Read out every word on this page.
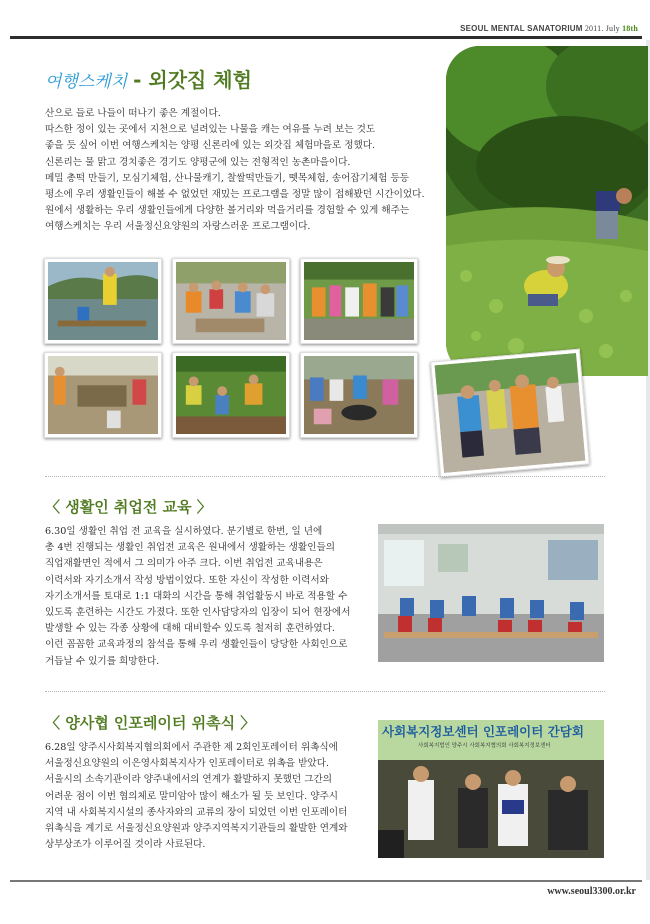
SEOUL MENTAL SANATORIUM 2011. July 18th
여행스케치 - 외갓집 체험

산으로 들로 나들이 떠나기 좋은 계절이다.

따스한 정이 있는 곳에서 지천으로 널려있는 나물을 캐는 여유를 누려 보는 것도

좋을 듯 싶어 이번 여행스케치는 양평 신론리에 있는 외갓집 체험마을로 정했다.

신론리는 물 맑고 경치좋은 경기도 양평군에 있는 전형적인 농촌마을이다.

메밀 총떡 만들기, 모심기체험, 산나물캐기, 찰쌀떡만들기, 뗏목체험, 송어잡기체험 등등

평소에 우리 생활인들이 해볼 수 없었던 재밌는 프로그램을 정말 많이 접해봤던 시간이었다.

원에서 생활하는 우리 생활인들에게 다양한 볼거리와 먹을거리를 경험할 수 있게 해주는

여행스케치는 우리 서울정신요양원의 자랑스러운 프로그램이다.

〈 생활인 취업전 교육 〉

6.30일 생활인 취업 전 교육을 실시하였다. 분기별로 한번, 일 년에

총 4번 진행되는 생활인 취업전 교육은 원내에서 생활하는 생활인들의

직업재활면인 적에서 그 의미가 아주 크다. 이번 취업전 교육내용은

이력서와 자기소개서 작성 방법이었다. 또한 자신이 작성한 이력서와

자기소개서를 토대로 1:1 대화의 시간을 통해 취업활동시 바로 적용할 수

있도록 훈련하는 시간도 가졌다. 또한 인사담당자의 입장이 되어 현장에서

발생할 수 있는 각종 상황에 대해 대비할수 있도록 철저히 훈련하였다.

이런 꼼꼼한 교육과정의 참석을 통해 우리 생활인들이 당당한 사회인으로

거듭날 수 있기를 희망한다.

〈 양사협 인포레이터 위촉식 〉

6.28일 양주시사회복지협의회에서 주관한 제 2회인포레이터 위촉식에

서울정신요양원의 이은영사회복지사가 인포레이터로 위촉을 받았다.

서울시의 소속기관이라 양주내에서의 연계가 활발하지 못했던 그간의

어려운 점이 이번 협의체로 말미암아 많이 해소가 될 듯 보인다. 양주시

지역 내 사회복지시설의 종사자와의 교류의 장이 되었던 이번 인포레이터

위촉식을 계기로 서울정신요양원과 양주지역복지기관들의 활발한 연계와

상부상조가 이루어질 것이라 사료된다.

사회복지정보센터 인포레이터 간담회
사회복지법인 양주시 사회복지협의회 사회복지정보센터
www.seoul3300.or.kr
